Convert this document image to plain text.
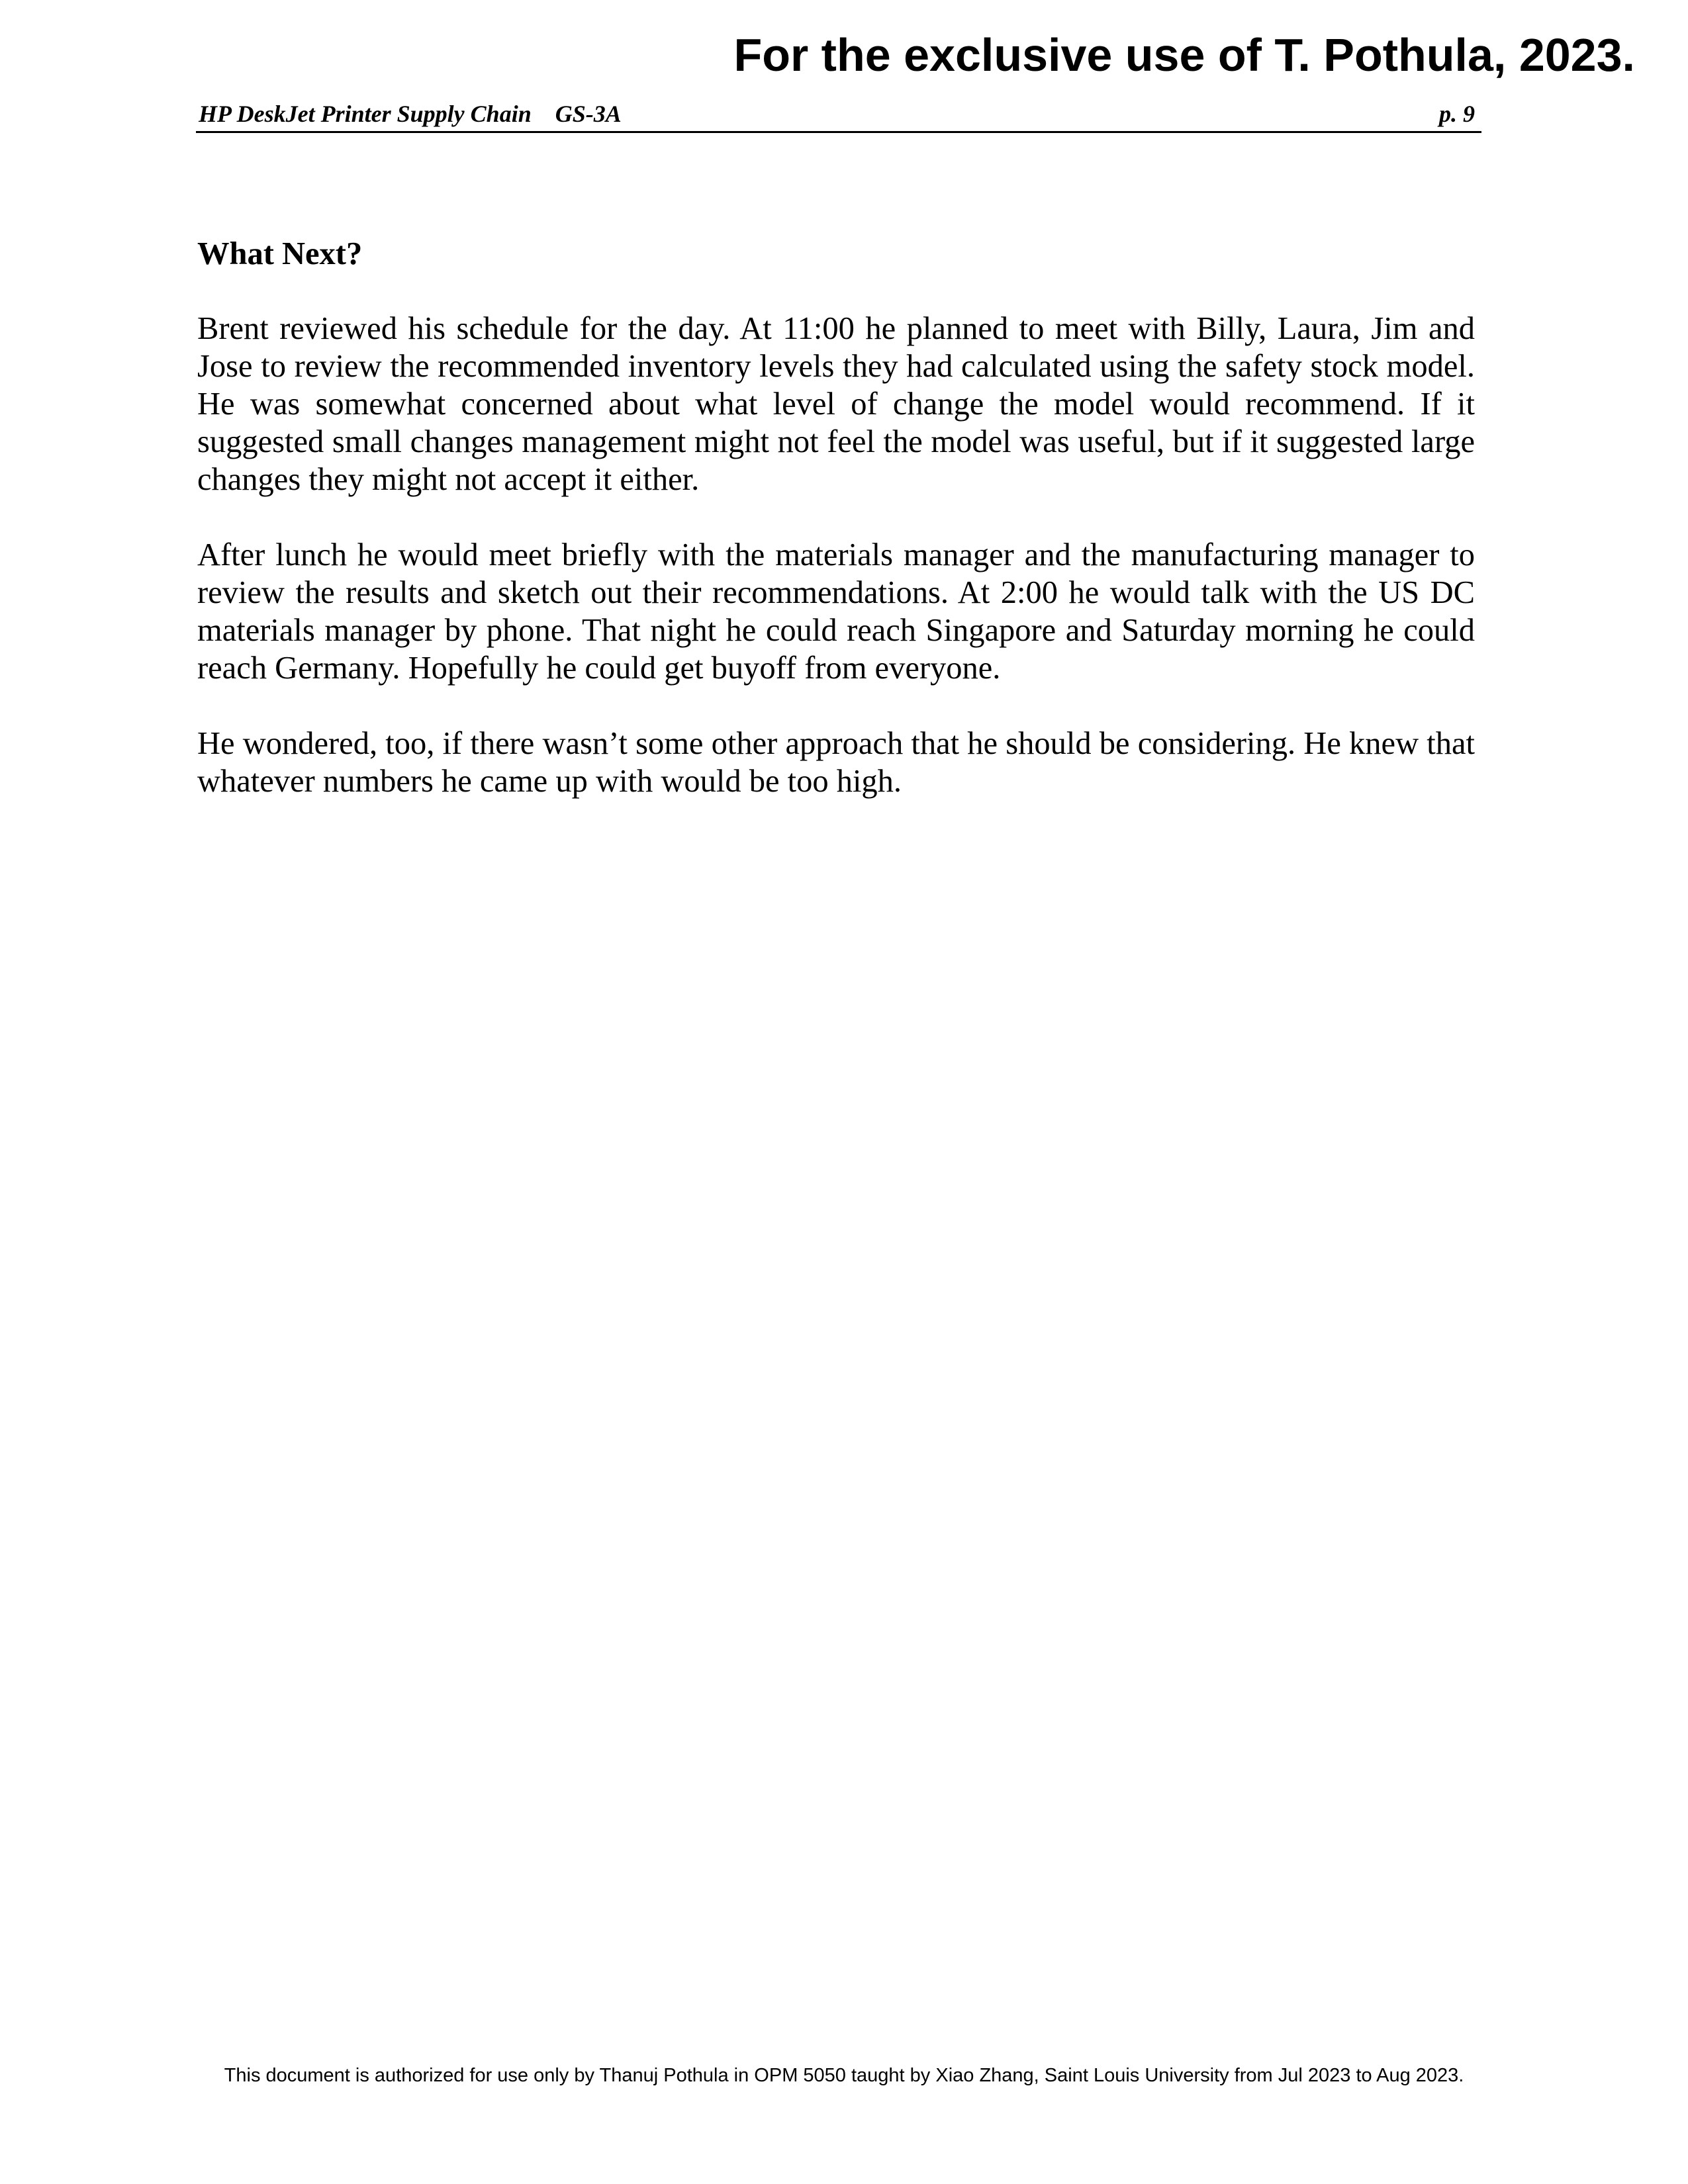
For the exclusive use of T. Pothula, 2023.
HP DeskJet Printer Supply Chain GS-3A	p. 9
What Next?

Brent reviewed his schedule for the day. At 11:00 he planned to meet with Billy, Laura, Jim and Jose to review the recommended inventory levels they had calculated using the safety stock model. He was somewhat concerned about what level of change the model would recommend. If it suggested small changes management might not feel the model was useful, but if it suggested large changes they might not accept it either.

After lunch he would meet briefly with the materials manager and the manufacturing manager to review the results and sketch out their recommendations. At 2:00 he would talk with the US DC materials manager by phone. That night he could reach Singapore and Saturday morning he could reach Germany. Hopefully he could get buyoff from everyone.

He wondered, too, if there wasn’t some other approach that he should be considering. He knew that whatever numbers he came up with would be too high.

This document is authorized for use only by Thanuj Pothula in OPM 5050 taught by Xiao Zhang, Saint Louis University from Jul 2023 to Aug 2023.
